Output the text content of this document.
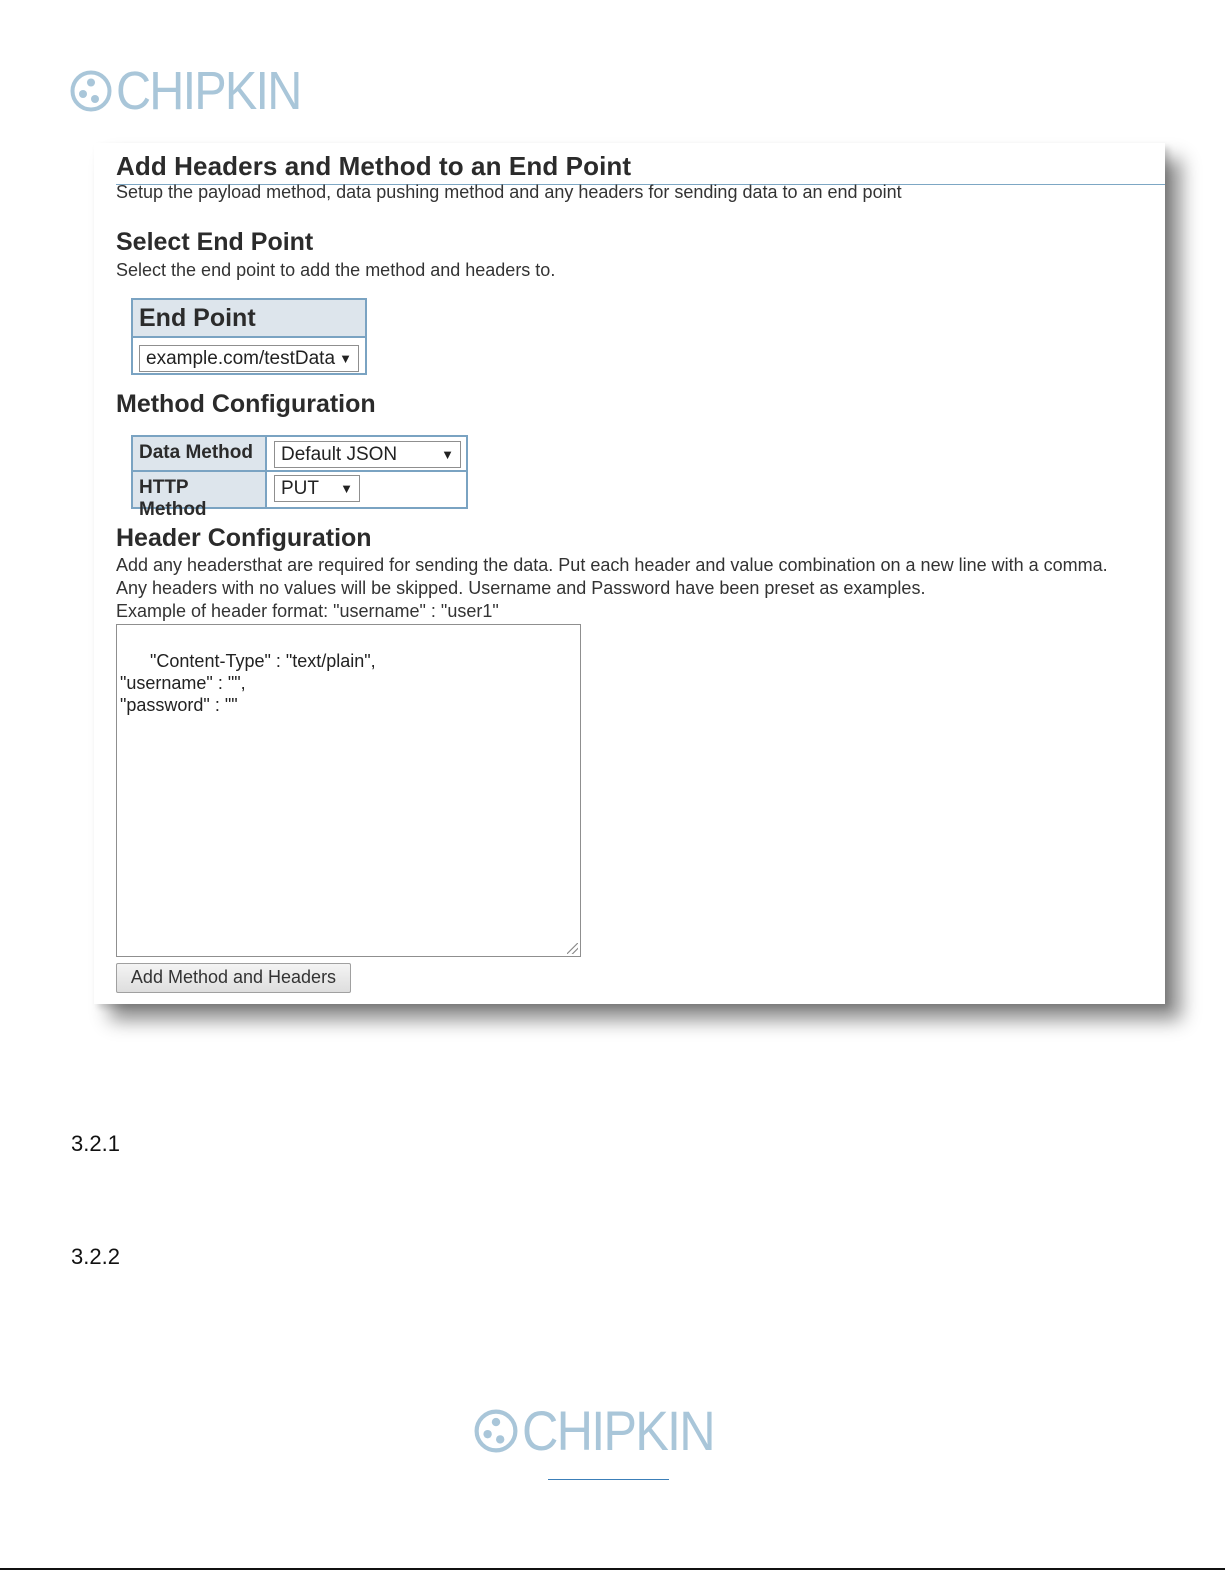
CHIPKIN
Add Headers and Method to an End Point
Setup the payload method, data pushing method and any headers for sending data to an end point
Select End Point
Select the end point to add the method and headers to.
End Point
example.com/testData ▼
Method Configuration
Data Method	Default JSON	▼
HTTP Method
PUT ▼
Header Configuration
Add any headersthat are required for sending the data. Put each header and value combination on a new line with a comma.
Any headers with no values will be skipped. Username and Password have been preset as examples.
Example of header format: "username" : "user1"

"Content-Type" : "text/plain",
"username" : "",
"password" : ""

Add Method and Headers
3.2.1
3.2.2
CHIPKIN
